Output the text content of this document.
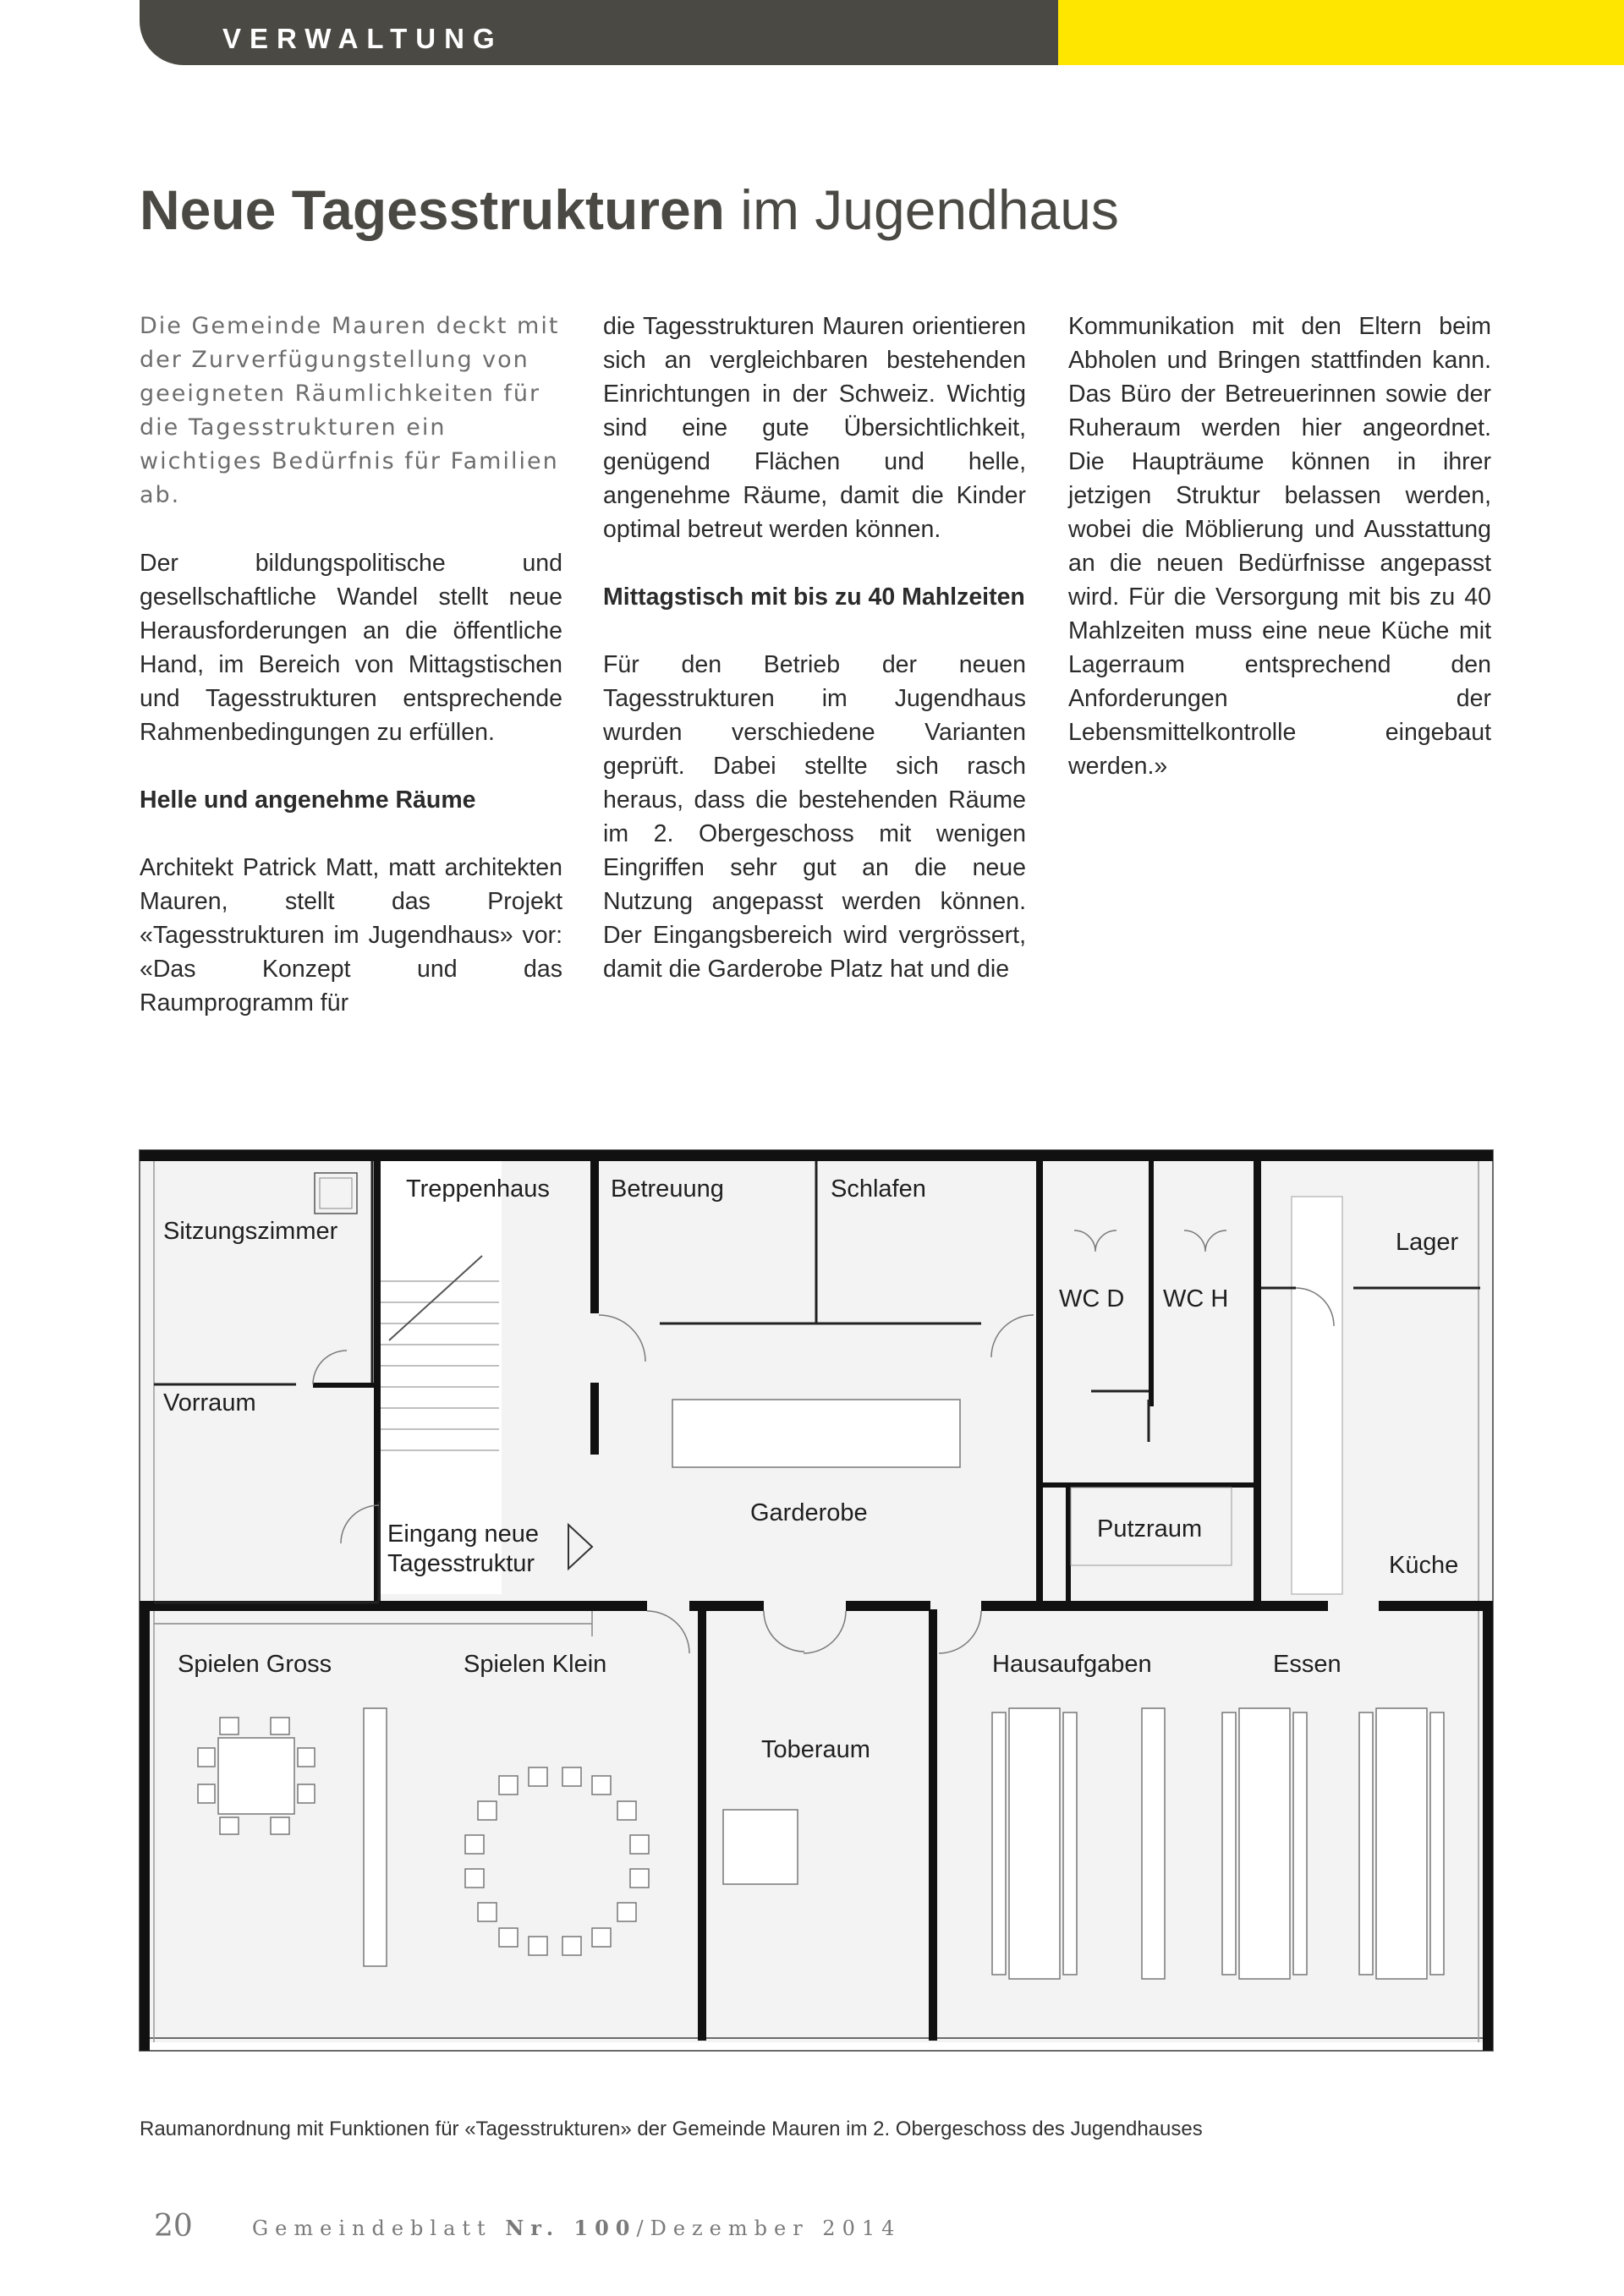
VERWALTUNG

Neue Tagesstrukturen im Jugendhaus

Die Gemeinde Mauren deckt mit der Zurverfügungstellung von geeigneten Räumlichkeiten für die Tagesstrukturen ein wichtiges Bedürfnis für Familien ab.

Der bildungspolitische und gesellschaftliche Wandel stellt neue Herausforderungen an die öffentliche Hand, im Bereich von Mittagstischen und Tagesstrukturen entsprechende Rahmenbedingungen zu erfüllen.

Helle und angenehme Räume

Architekt Patrick Matt, matt architekten Mauren, stellt das Projekt «Tagesstrukturen im Jugendhaus» vor: «Das Konzept und das Raumprogramm für

die Tagesstrukturen Mauren orientieren sich an vergleichbaren bestehenden Einrichtungen in der Schweiz. Wichtig sind eine gute Übersichtlichkeit, genügend Flächen und helle, angenehme Räume, damit die Kinder optimal betreut werden können.

Mittagstisch mit bis zu 40 Mahlzeiten

Für den Betrieb der neuen Tagesstrukturen im Jugendhaus wurden verschiedene Varianten geprüft. Dabei stellte sich rasch heraus, dass die bestehenden Räume im 2. Obergeschoss mit wenigen Eingriffen sehr gut an die neue Nutzung angepasst werden können. Der Eingangsbereich wird vergrössert, damit die Garderobe Platz hat und die

Kommunikation mit den Eltern beim Abholen und Bringen stattfinden kann. Das Büro der Betreuerinnen sowie der Ruheraum werden hier angeordnet. Die Haupträume können in ihrer jetzigen Struktur belassen werden, wobei die Möblierung und Ausstattung an die neuen Bedürfnisse angepasst wird. Für die Versorgung mit bis zu 40 Mahlzeiten muss eine neue Küche mit Lagerraum entsprechend den Anforderungen der Lebensmittelkontrolle eingebaut werden.»

Treppenhaus Betreuung	Schlafen
Sitzungszimmer	Lager
WC D WC H
Vorraum
Garderobe
Eingang neue
Tagesstruktur
Putzraum
Küche
Spielen Gross	Spielen Klein
Toberaum
Hausaufgaben	Essen

Raumanordnung mit Funktionen für «Tagesstrukturen» der Gemeinde Mauren im 2. Obergeschoss des Jugendhauses

20	Gemeindeblatt Nr. 100/Dezember 2014
